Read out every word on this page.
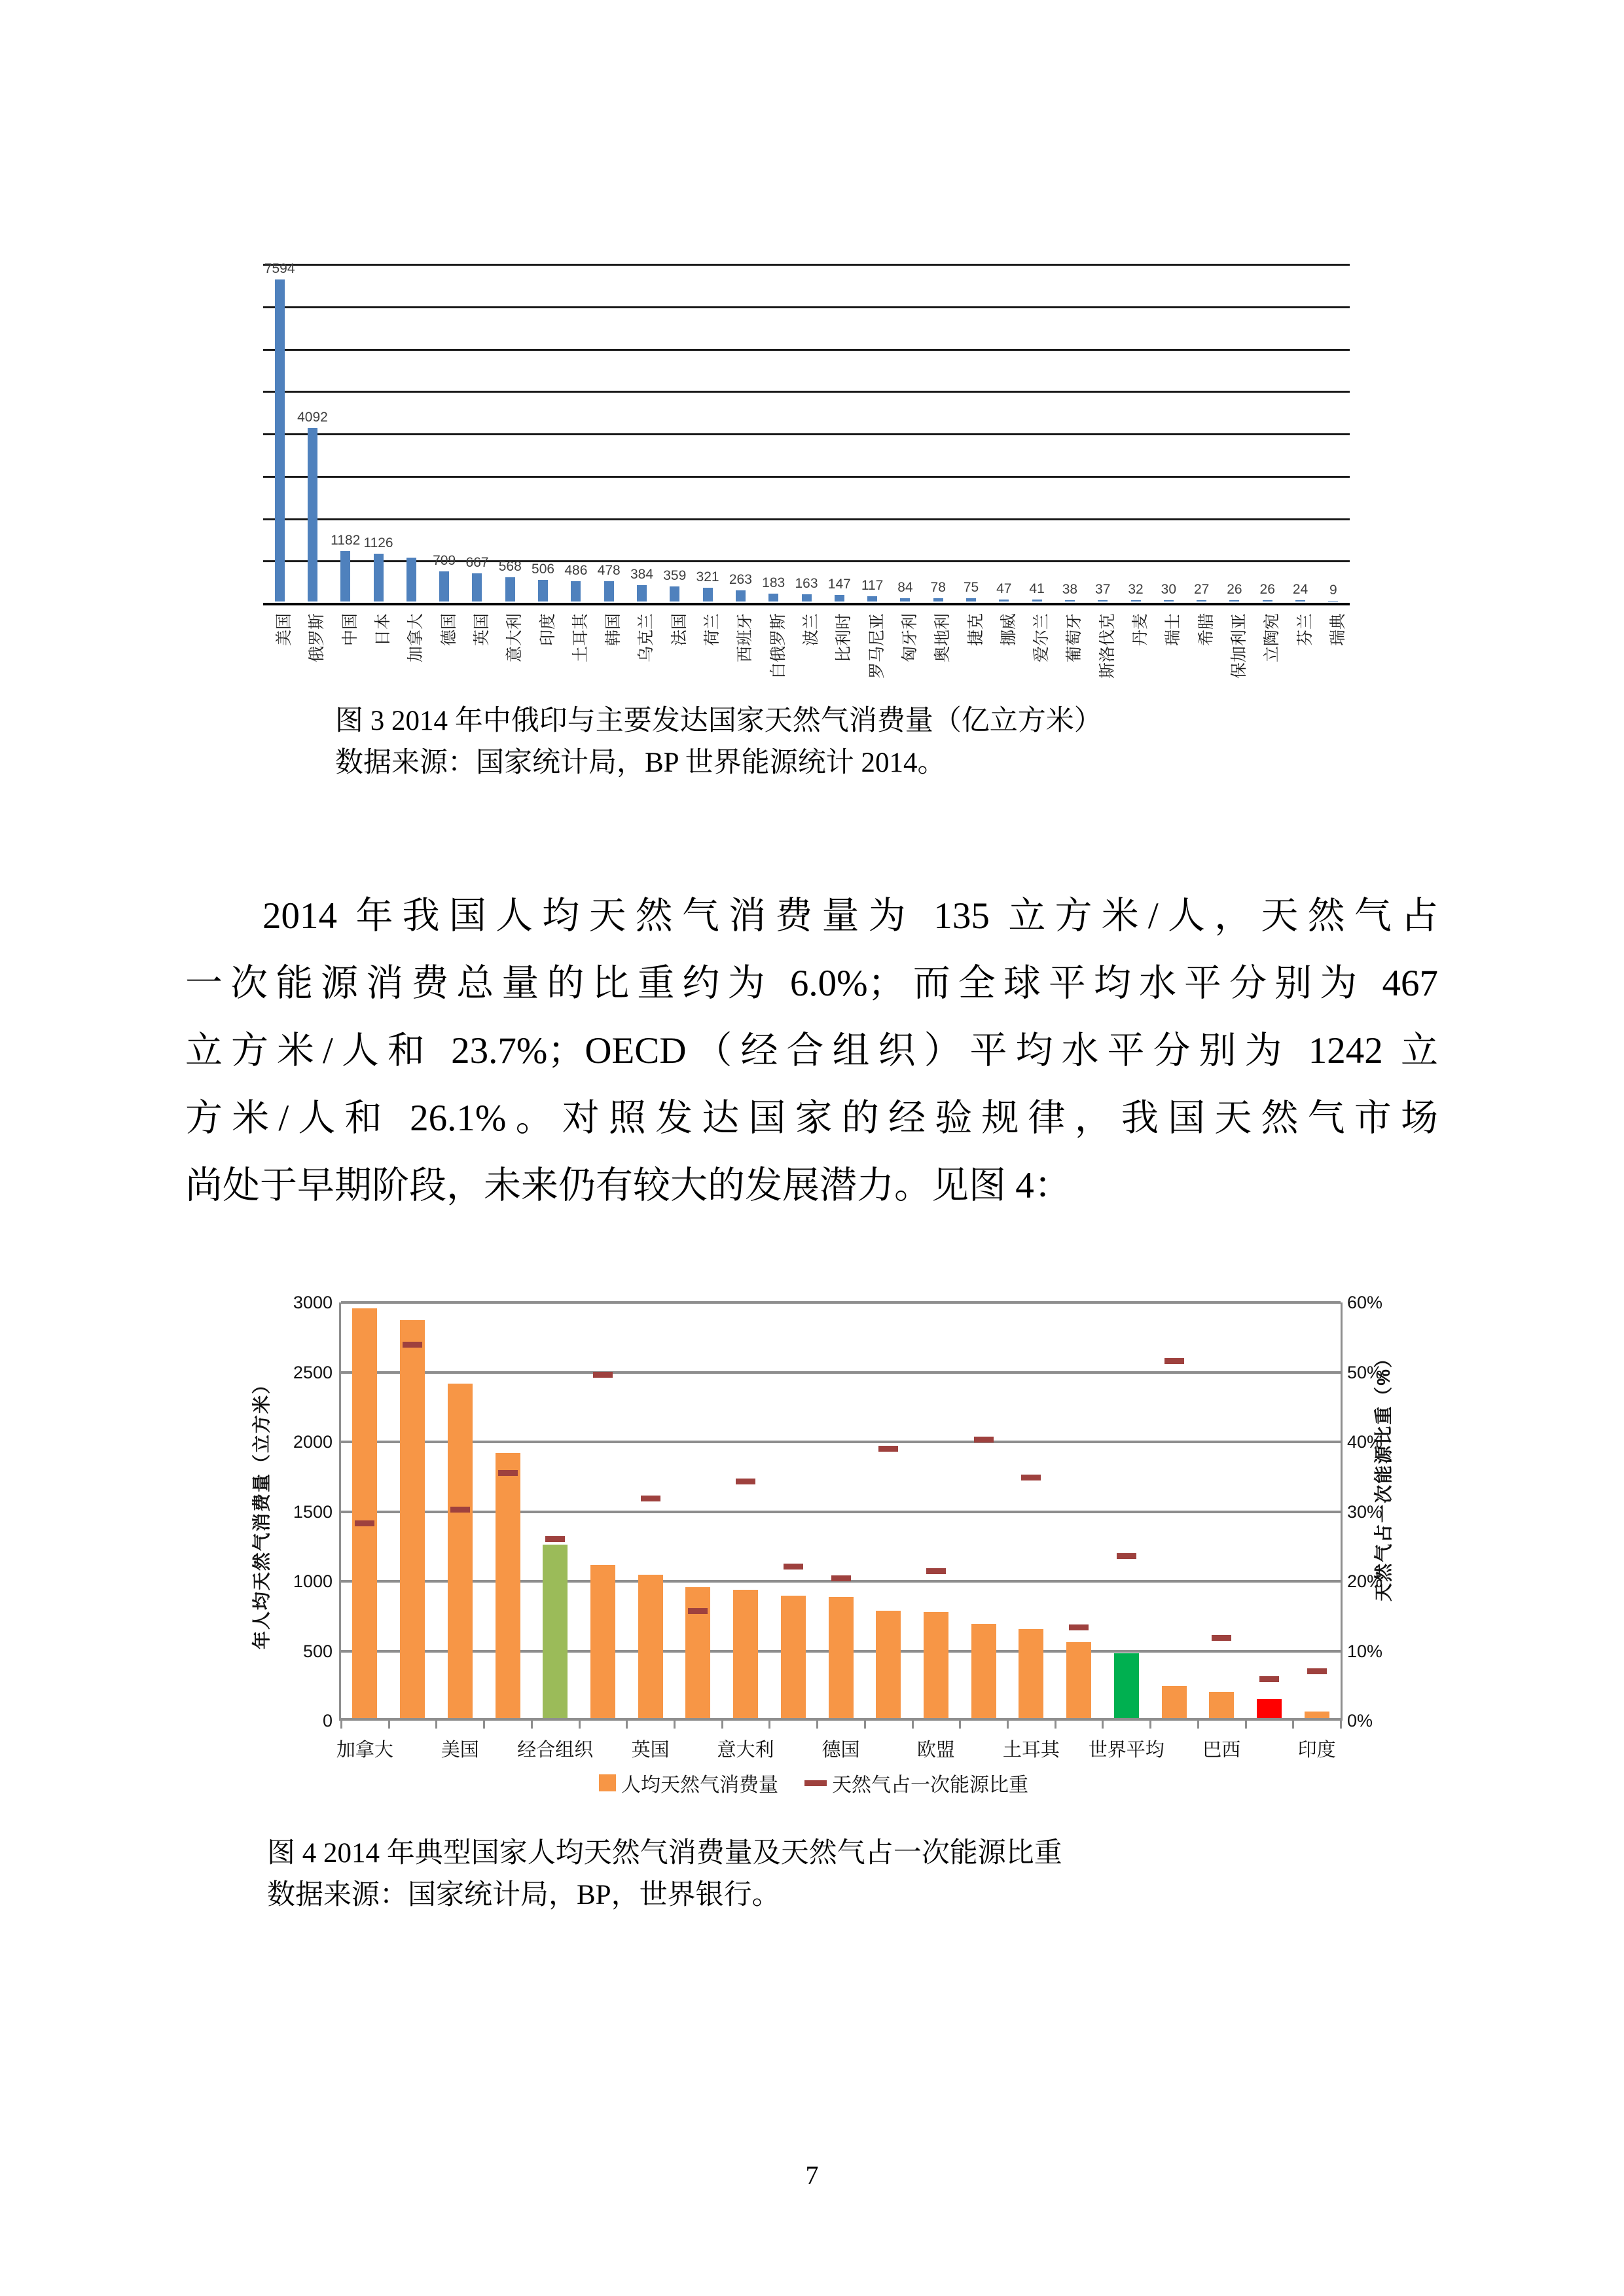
7594
美国
4092
俄罗斯
1182
中国
1126
日本 加拿大
709
德国
667
英国
568
意大利
506
印度
486
土耳其
478
韩国
384
乌克兰
359
法国
321
荷兰
263
西班牙
183
白俄罗斯
163
波兰
147
比利时
117
罗马尼亚
84
匈牙利
78
奥地利
75
捷克
47
挪威
41
爱尔兰
38
葡萄牙
37
斯洛伐克
32
丹麦
30
瑞士
27
希腊
26
保加利亚
26
立陶宛
24
芬兰
9
瑞典
图 3 2014 年中俄印与主要发达国家天然气消费量（亿立方米）
数据来源：国家统计局，BP 世界能源统计 2014。
2014 年我国人均天然气消费量为 135 立方米/人，天然气占
一次能源消费总量的比重约为 6.0%；而全球平均水平分别为 467
立方米/人和 23.7%；OECD（经合组织）平均水平分别为 1242 立
方米/人和 26.1%。对照发达国家的经验规律，我国天然气市场
尚处于早期阶段，未来仍有较大的发展潜力。见图 4：
年人均天然气消费量（立方米）	天然气占一次能源比重（%）
3000
2500
2000
1500
1000
500
0
60%
50%
40%
30%
20%
10%
0%
加拿大	美国	经合组织	英国	意大利	德国	欧盟	土耳其	世界平均	巴西	印度
人均天然气消费量	天然气占一次能源比重
图 4 2014 年典型国家人均天然气消费量及天然气占一次能源比重
数据来源：国家统计局，BP，世界银行。
7
